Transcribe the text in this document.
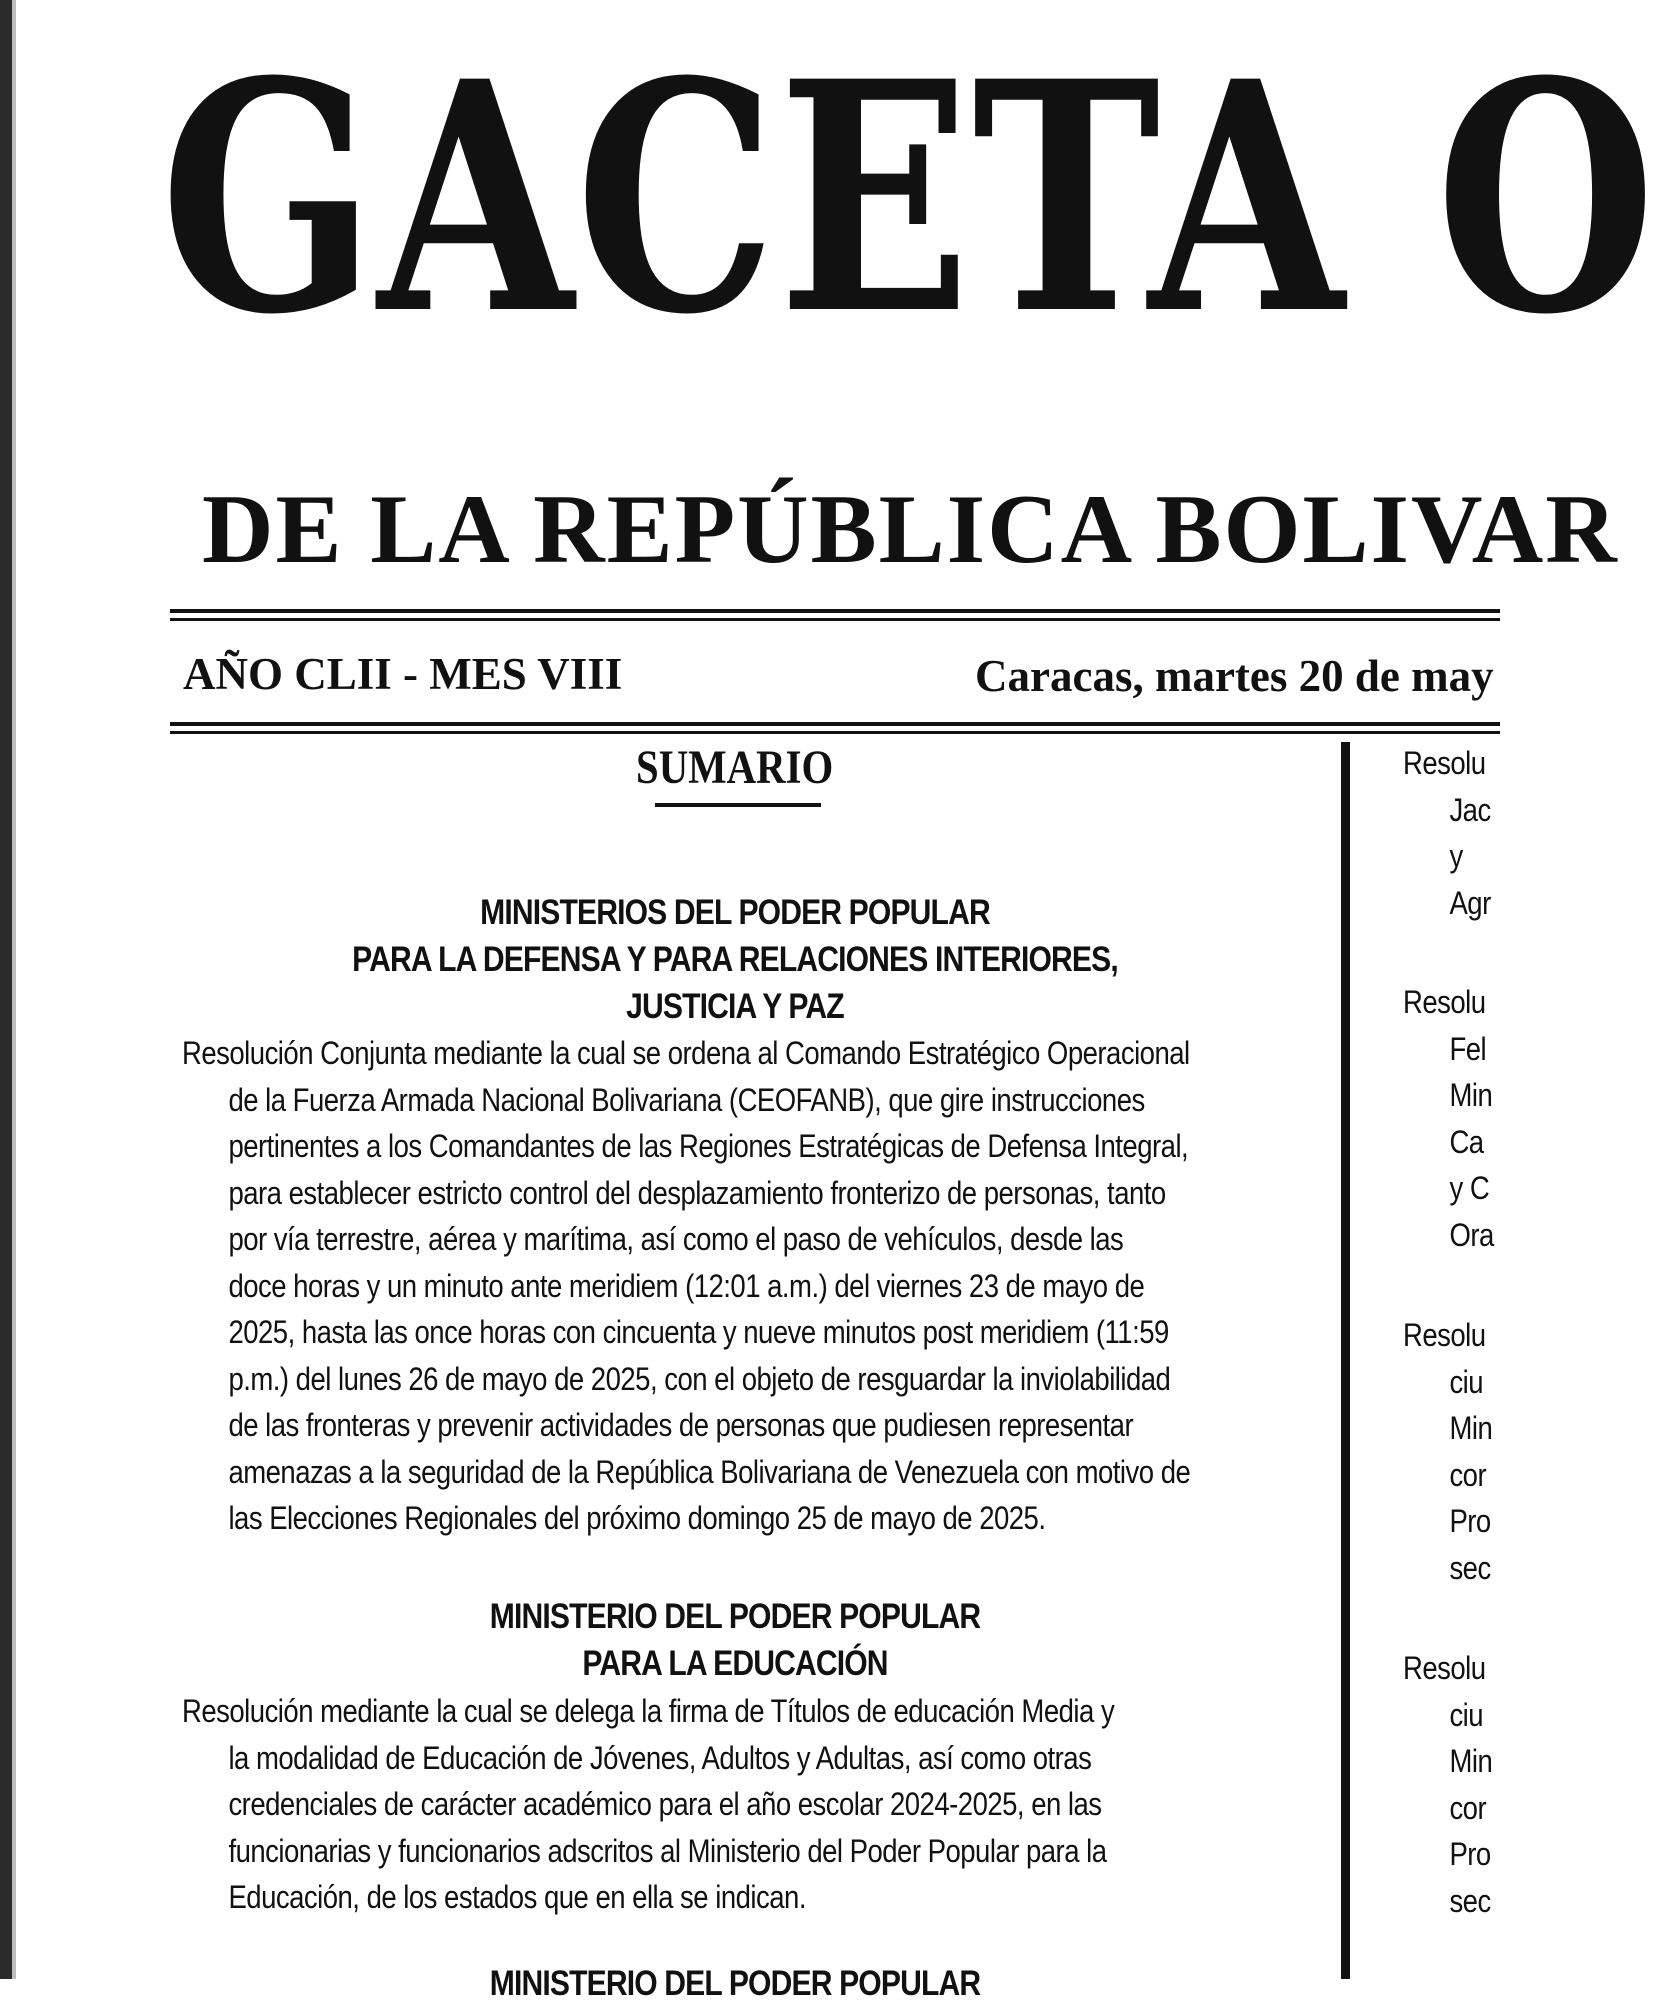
GACETA O
DE LA REPÚBLICA BOLIVAR
AÑO CLII - MES VIII	Caracas, martes 20 de may
SUMARIO
MINISTERIOS DEL PODER POPULAR
PARA LA DEFENSA Y PARA RELACIONES INTERIORES,
JUSTICIA Y PAZ
Resolución Conjunta mediante la cual se ordena al Comando Estratégico Operacional
de la Fuerza Armada Nacional Bolivariana (CEOFANB), que gire instrucciones
pertinentes a los Comandantes de las Regiones Estratégicas de Defensa Integral,
para establecer estricto control del desplazamiento fronterizo de personas, tanto
por vía terrestre, aérea y marítima, así como el paso de vehículos, desde las
doce horas y un minuto ante meridiem (12:01 a.m.) del viernes 23 de mayo de
2025, hasta las once horas con cincuenta y nueve minutos post meridiem (11:59
p.m.) del lunes 26 de mayo de 2025, con el objeto de resguardar la inviolabilidad
de las fronteras y prevenir actividades de personas que pudiesen representar
amenazas a la seguridad de la República Bolivariana de Venezuela con motivo de
las Elecciones Regionales del próximo domingo 25 de mayo de 2025.
MINISTERIO DEL PODER POPULAR
PARA LA EDUCACIÓN
Resolución mediante la cual se delega la firma de Títulos de educación Media y
la modalidad de Educación de Jóvenes, Adultos y Adultas, así como otras
credenciales de carácter académico para el año escolar 2024-2025, en las
funcionarias y funcionarios adscritos al Ministerio del Poder Popular para la
Educación, de los estados que en ella se indican.
MINISTERIO DEL PODER POPULAR
Resolu
Jac
y
Agr
Resolu
Fel
Min
Ca
y C
Ora
Resolu
ciu
Min
cor
Pro
sec
Resolu
ciu
Min
cor
Pro
sec
